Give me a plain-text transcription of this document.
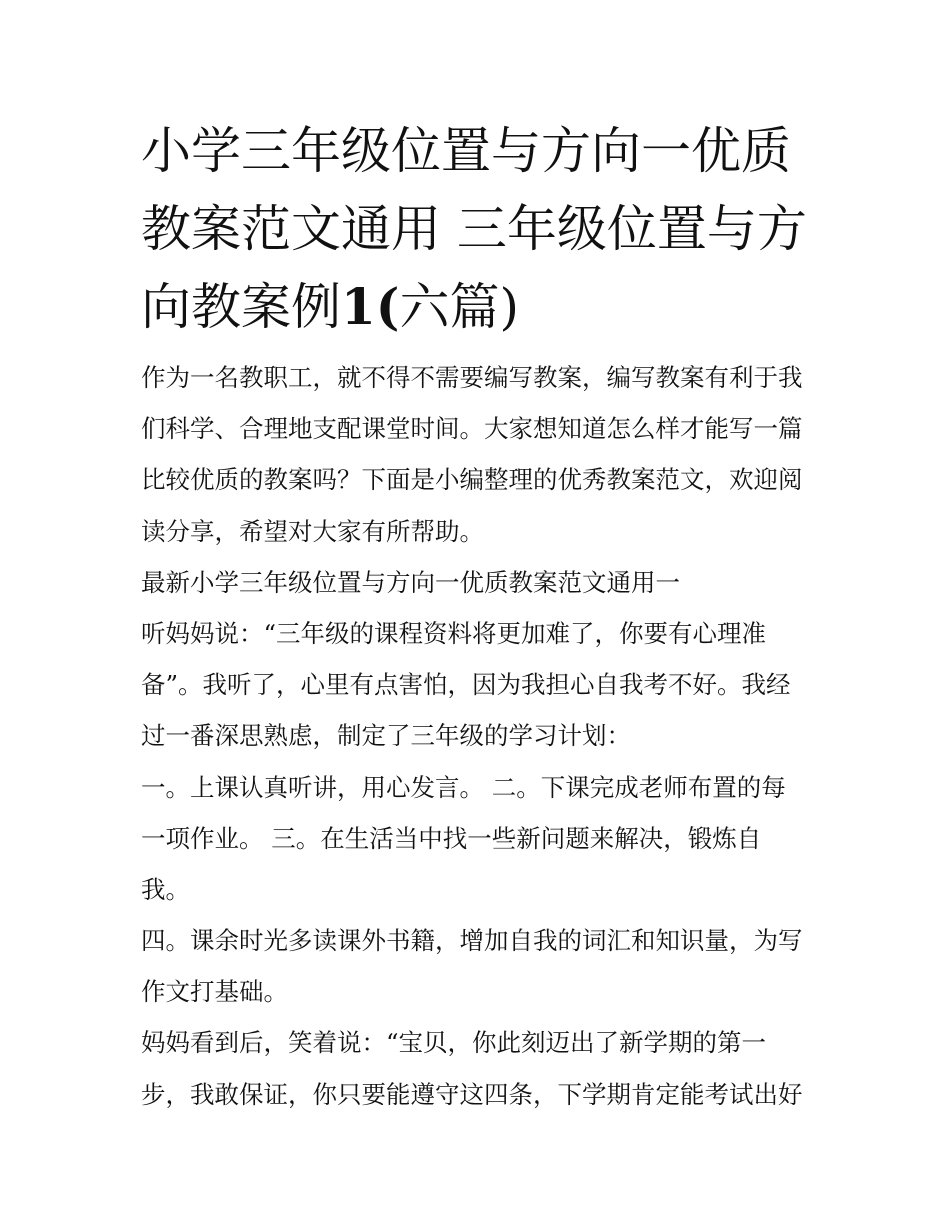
小学三年级位置与方向一优质
教案范文通用 三年级位置与方
向教案例1(六篇)
作为一名教职工，就不得不需要编写教案，编写教案有利于我
们科学、合理地支配课堂时间。大家想知道怎么样才能写一篇
比较优质的教案吗？下面是小编整理的优秀教案范文，欢迎阅
读分享，希望对大家有所帮助。
最新小学三年级位置与方向一优质教案范文通用一
听妈妈说：“三年级的课程资料将更加难了，你要有心理准
备”。我听了，心里有点害怕，因为我担心自我考不好。我经
过一番深思熟虑，制定了三年级的学习计划：
一。上课认真听讲，用心发言。 二。下课完成老师布置的每
一项作业。 三。在生活当中找一些新问题来解决，锻炼自
我。
四。课余时光多读课外书籍，增加自我的词汇和知识量，为写
作文打基础。
妈妈看到后，笑着说：“宝贝，你此刻迈出了新学期的第一
步，我敢保证，你只要能遵守这四条，下学期肯定能考试出好
